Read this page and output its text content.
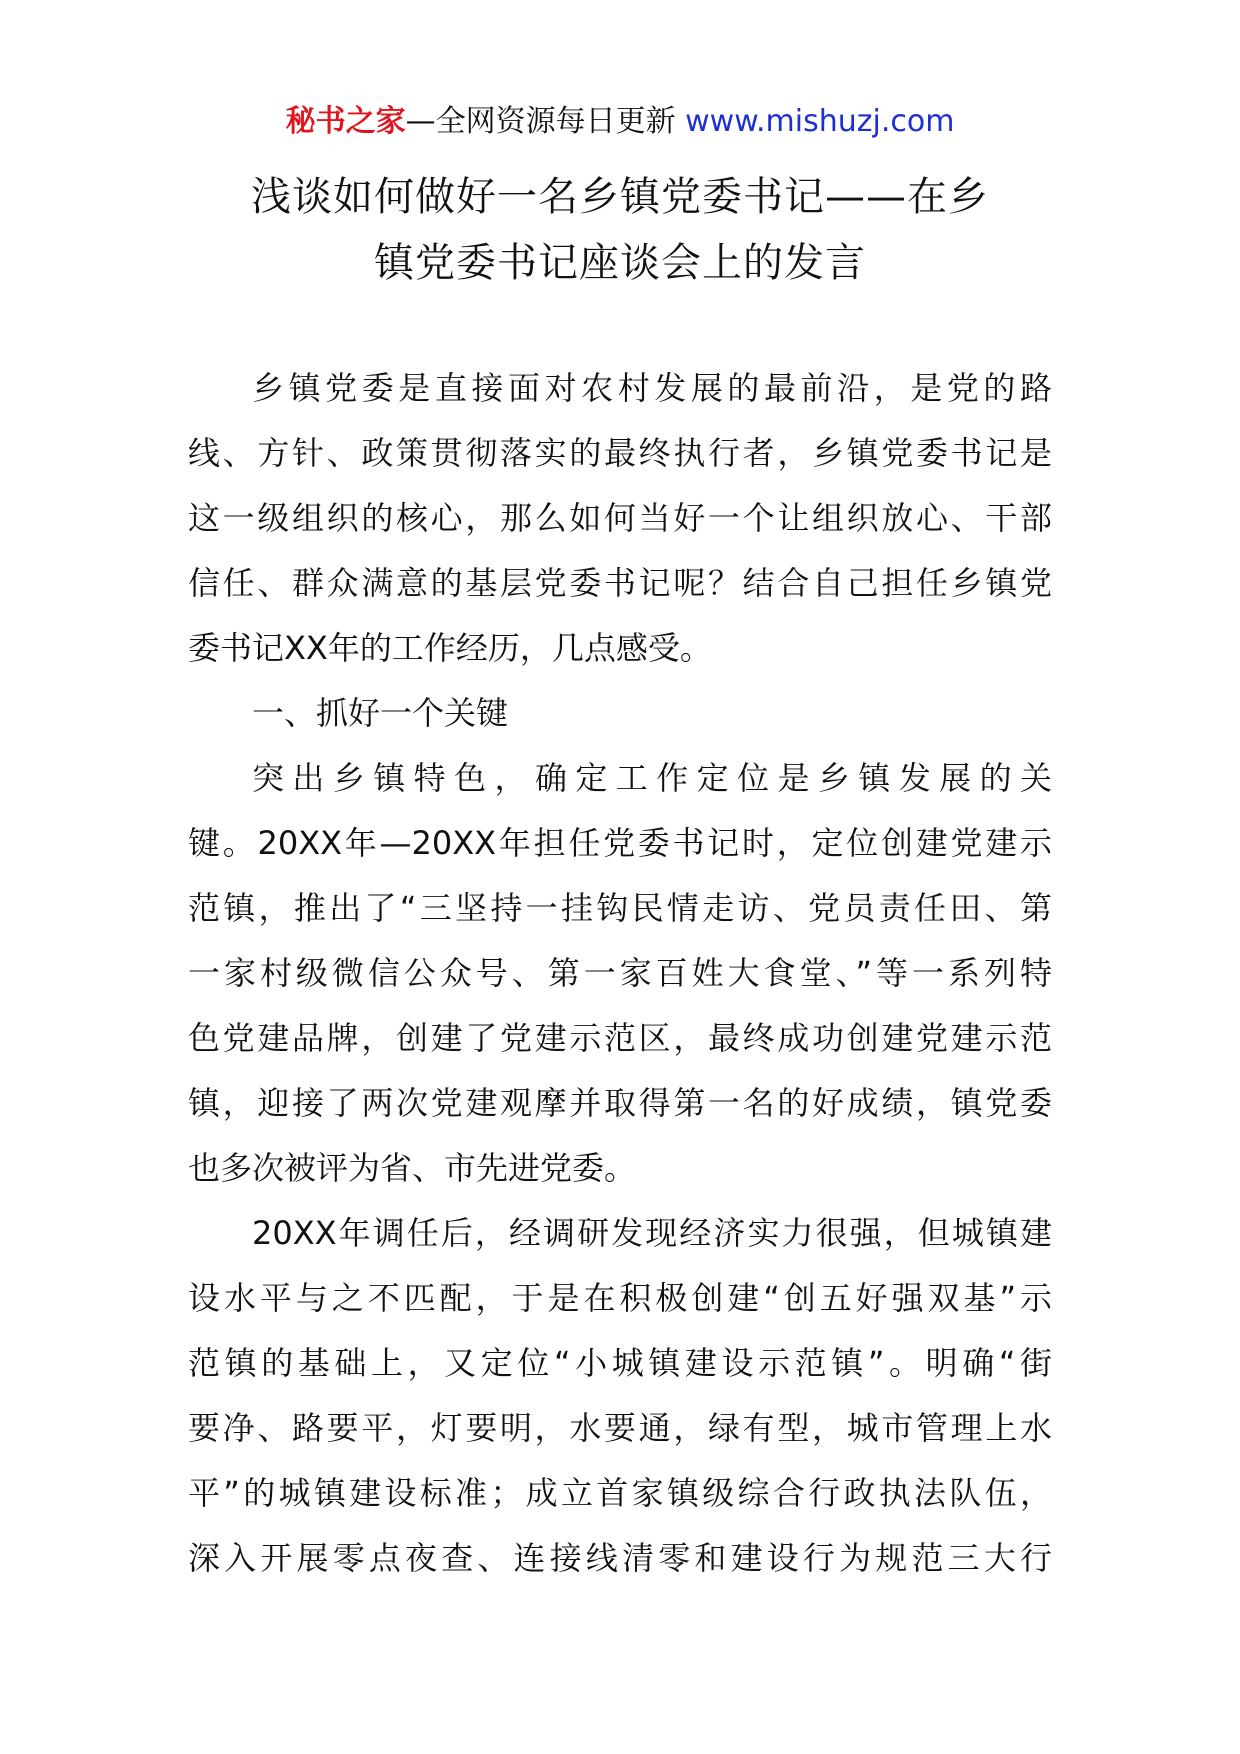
秘书之家—全网资源每日更新 www.mishuzj.com
浅谈如何做好一名乡镇党委书记——在乡
镇党委书记座谈会上的发言
乡镇党委是直接面对农村发展的最前沿，是党的路
线、方针、政策贯彻落实的最终执行者，乡镇党委书记是
这一级组织的核心，那么如何当好一个让组织放心、干部
信任、群众满意的基层党委书记呢？结合自己担任乡镇党
委书记XX年的工作经历，几点感受。
一、抓好一个关键
突出乡镇特色，确定工作定位是乡镇发展的关
键。20XX年—20XX年担任党委书记时，定位创建党建示
范镇，推出了“三坚持一挂钩民情走访、党员责任田、第
一家村级微信公众号、第一家百姓大食堂、”等一系列特
色党建品牌，创建了党建示范区，最终成功创建党建示范
镇，迎接了两次党建观摩并取得第一名的好成绩，镇党委
也多次被评为省、市先进党委。
20XX年调任后，经调研发现经济实力很强，但城镇建
设水平与之不匹配，于是在积极创建“创五好强双基”示
范镇的基础上，又定位“小城镇建设示范镇”。明确“街
要净、路要平，灯要明，水要通，绿有型，城市管理上水
平”的城镇建设标准；成立首家镇级综合行政执法队伍，
深入开展零点夜查、连接线清零和建设行为规范三大行
